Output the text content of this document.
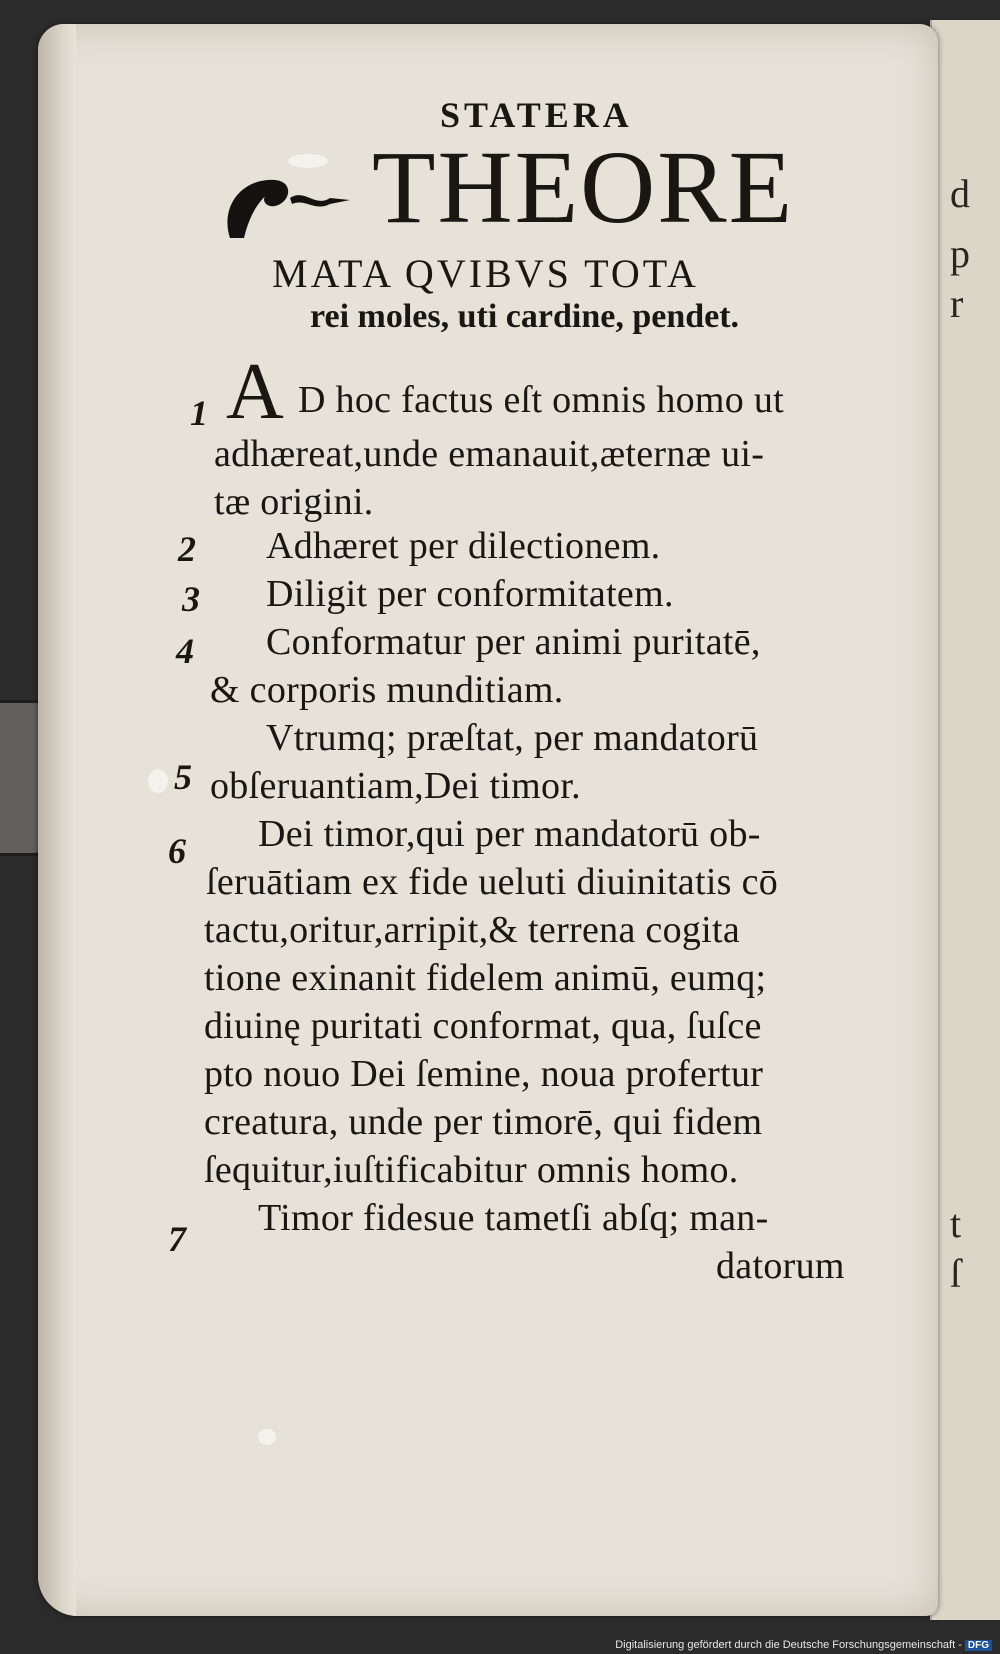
d
p
r
t
ſ
STATERA
THEORE
MATA QVIBVS TOTA
rei moles, uti cardine, pendet.
A
1
2
3
4
5
6
7
D hoc factus eſt omnis homo ut
adhæreat,unde emanauit,æternæ ui-
tæ origini.
Adhæret per dilectionem.
Diligit per conformitatem.
Conformatur per animi puritatē,
& corporis munditiam.
Vtrumq; præſtat, per mandatorū
obſeruantiam,Dei timor.
Dei timor,qui per mandatorū ob-
ſeruātiam ex fide ueluti diuinitatis cō
tactu,oritur,arripit,& terrena cogita
tione exinanit fidelem animū, eumq;
diuinę puritati conformat, qua, ſuſce
pto nouo Dei ſemine, noua profertur
creatura, unde per timorē, qui fidem
ſequitur,iuſtificabitur omnis homo.
Timor fidesue tametſi abſq; man-
datorum
Digitalisierung gefördert durch die Deutsche Forschungsgemeinschaft - DFG
